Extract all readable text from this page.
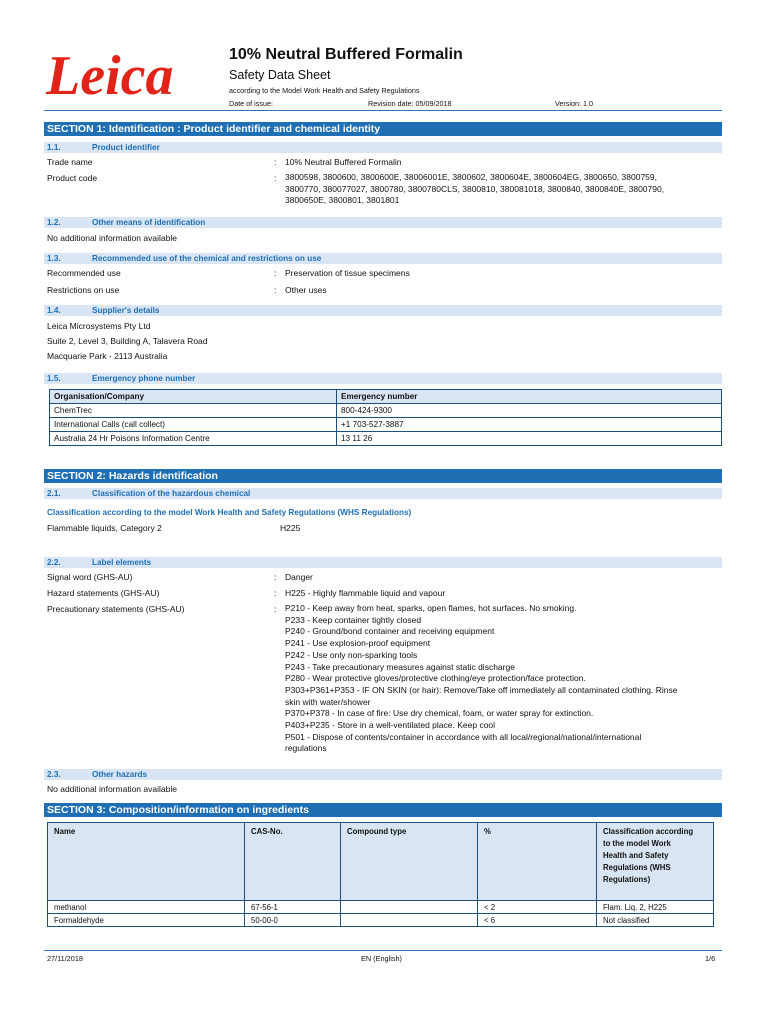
Leica	10% Neutral Buffered Formalin
Safety Data Sheet
according to the Model Work Health and Safety Regulations
Date of issue:	Revision date: 05/09/2018	Version: 1.0
SECTION 1: Identification : Product identifier and chemical identity
1.1.	Product identifier
Trade name	: 10% Neutral Buffered Formalin
Product code	: 3800598, 3800600, 3800600E, 38006001E, 3800602, 3800604E, 3800604EG, 3800650, 3800759,
3800770, 380077027, 3800780, 3800780CLS, 3800810, 380081018, 3800840, 3800840E, 3800790,
3800650E, 3800801, 3801801
1.2.	Other means of identification
No additional information available
1.3.	Recommended use of the chemical and restrictions on use
Recommended use	: Preservation of tissue specimens
Restrictions on use	: Other uses
1.4.	Supplier's details
Leica Microsystems Pty Ltd
Suite 2, Level 3, Building A, Talavera Road
Macquarie Park - 2113 Australia
1.5.	Emergency phone number
Organisation/Company	Emergency number
ChemTrec	800-424-9300
International Calls (call collect)	+1 703-527-3887
Australia 24 Hr Poisons Information Centre	13 11 26
SECTION 2: Hazards identification
2.1.	Classification of the hazardous chemical
Classification according to the model Work Health and Safety Regulations (WHS Regulations)
Flammable liquids, Category 2	H225
2.2.	Label elements
Signal word (GHS-AU)	: Danger
Hazard statements (GHS-AU)	: H225 - Highly flammable liquid and vapour
Precautionary statements (GHS-AU)	: P210 - Keep away from heat, sparks, open flames, hot surfaces. No smoking.
P233 - Keep container tightly closed
P240 - Ground/bond container and receiving equipment
P241 - Use explosion-proof equipment
P242 - Use only non-sparking tools
P243 - Take precautionary measures against static discharge
P280 - Wear protective gloves/protective clothing/eye protection/face protection.
P303+P361+P353 - IF ON SKIN (or hair): Remove/Take off immediately all contaminated clothing. Rinse
skin with water/shower
P370+P378 - In case of fire: Use dry chemical, foam, or water spray for extinction.
P403+P235 - Store in a well-ventilated place. Keep cool
P501 - Dispose of contents/container in accordance with all local/regional/national/international
regulations
2.3.	Other hazards
No additional information available
SECTION 3: Composition/information on ingredients
Name	CAS-No.	Compound type	%	Classification according
to the model Work
Health and Safety
Regulations (WHS
Regulations)

methanol	67-56-1		< 2	Flam. Liq. 2, H225
Formaldehyde	50-00-0		< 6	Not classified
27/11/2018	EN (English)	1/6
